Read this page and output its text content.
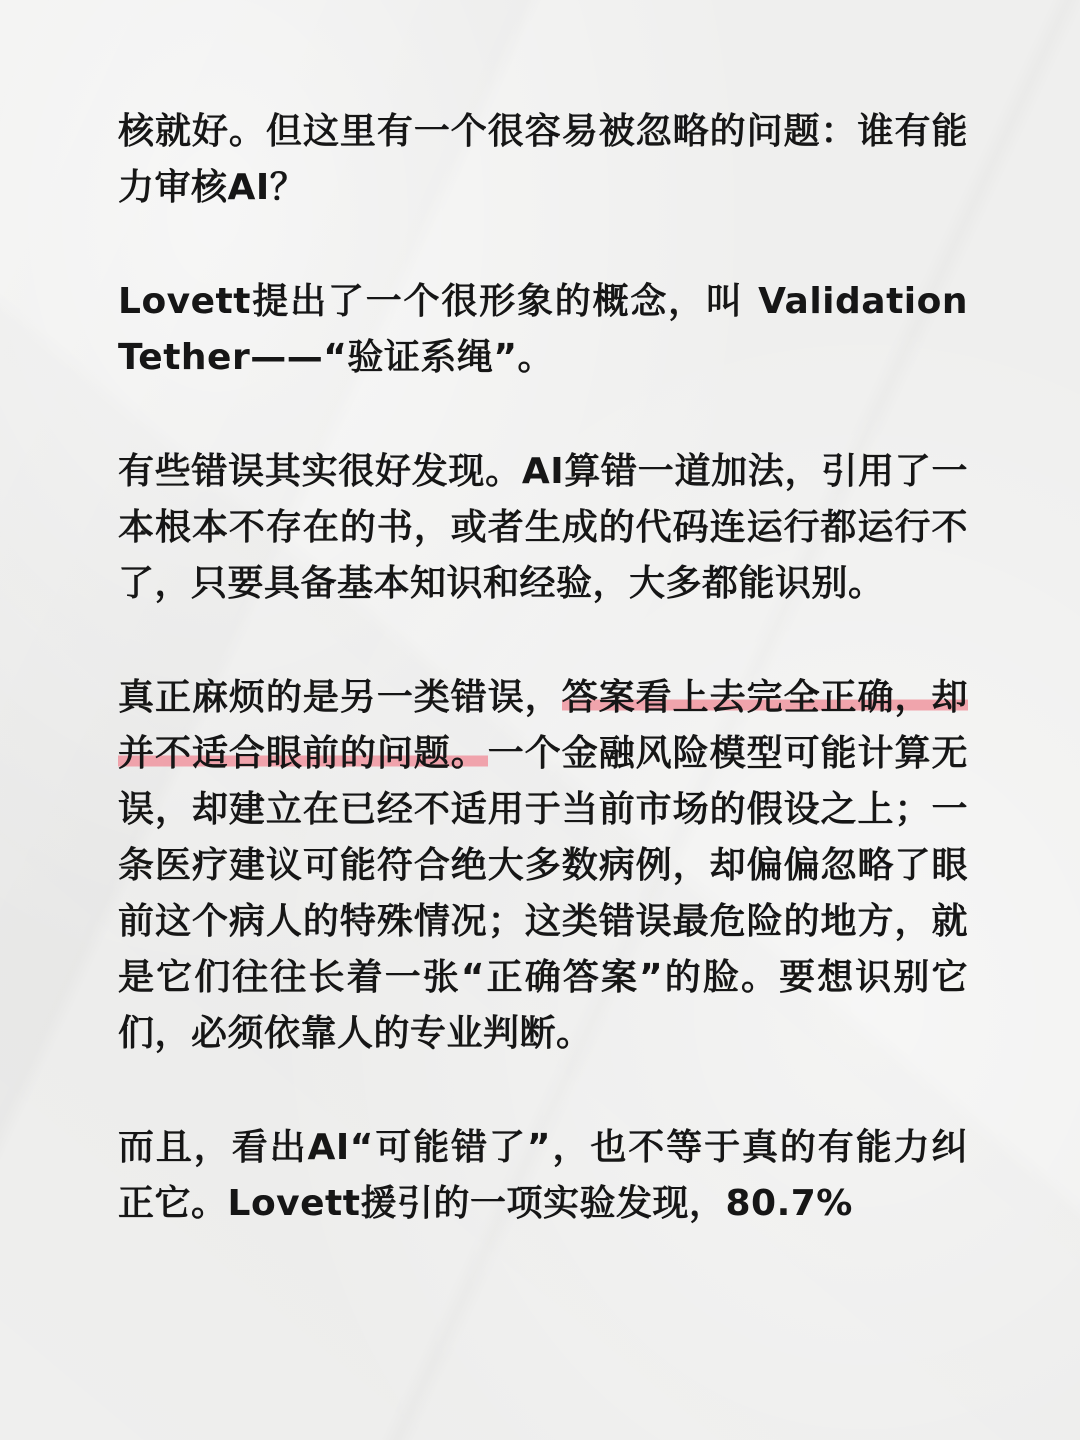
核就好。但这里有一个很容易被忽略的问题：谁有能力审核AI？

Lovett提出了一个很形象的概念，叫 Validation Tether——“验证系绳”。

有些错误其实很好发现。AI算错一道加法，引用了一本根本不存在的书，或者生成的代码连运行都运行不了，只要具备基本知识和经验，大多都能识别。

真正麻烦的是另一类错误，答案看上去完全正确，却并不适合眼前的问题。一个金融风险模型可能计算无误，却建立在已经不适用于当前市场的假设之上；一条医疗建议可能符合绝大多数病例，却偏偏忽略了眼前这个病人的特殊情况；这类错误最危险的地方，就是它们往往长着一张“正确答案”的脸。要想识别它们，必须依靠人的专业判断。

而且，看出AI“可能错了”，也不等于真的有能力纠正它。Lovett援引的一项实验发现，80.7%
